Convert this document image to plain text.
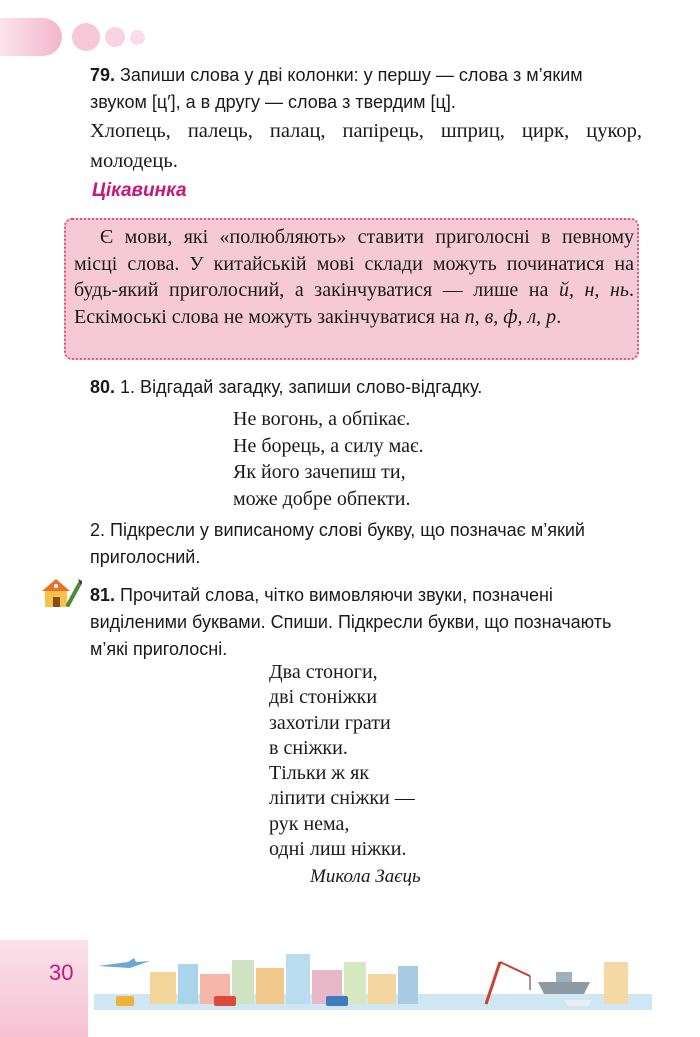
79. Запиши слова у дві колонки: у першу — слова з м’яким звуком [ц′], а в другу — слова з твердим [ц].
Хлопець, палець, палац, папірець, шприц, цирк, цукор, молодець.
Цікавинка
Є мови, які «полюбляють» ставити приголосні в певному місці слова. У китайській мові склади можуть починатися на будь-який приголосний, а закінчуватися — лише на й, н, нь. Ескімоські слова не можуть закінчуватися на п, в, ф, л, р.
80. 1. Відгадай загадку, запиши слово-відгадку.
Не вогонь, а обпікає.
Не борець, а силу має.
Як його зачепиш ти,
може добре обпекти.
2. Підкресли у виписаному слові букву, що позначає м’який приголосний.
81. Прочитай слова, чітко вимовляючи звуки, позначені виділеними буквами. Спиши. Підкресли букви, що позначають м’які приголосні.
Два стоноги,
дві стоніжки
захотіли грати
в сніжки.
Тільки ж як
ліпити сніжки —
рук нема,
одні лиш ніжки.
Микола Заєць
30
